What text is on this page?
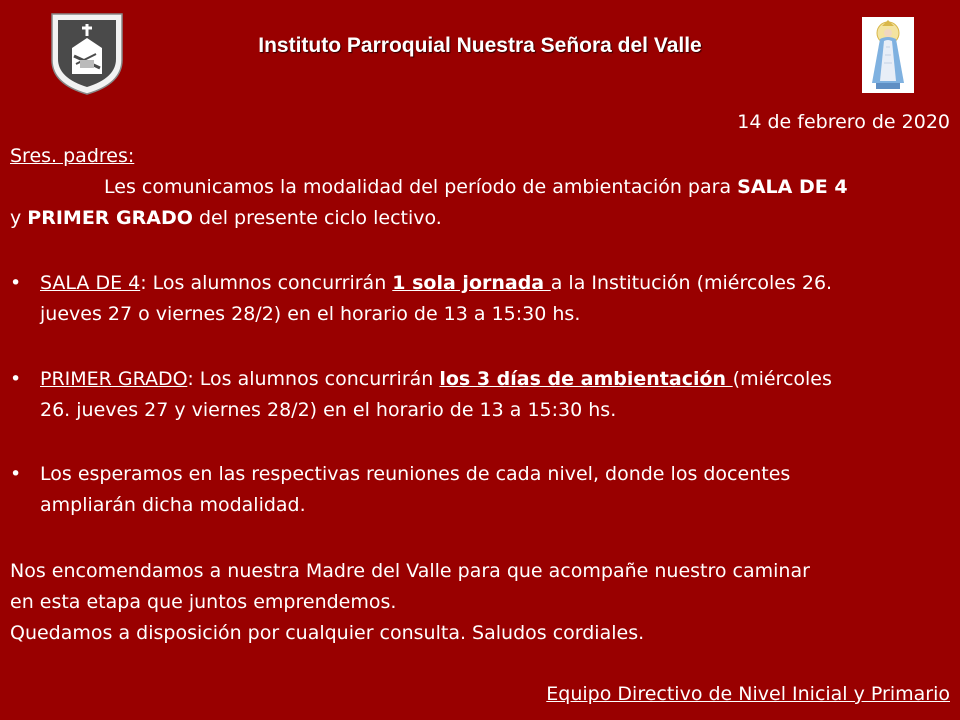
Instituto Parroquial Nuestra Señora del Valle

14 de febrero de 2020

Sres. padres:

Les comunicamos la modalidad del período de ambientación para SALA DE 4

y PRIMER GRADO del presente ciclo lectivo.

• SALA DE 4: Los alumnos concurrirán 1 sola jornada a la Institución (miércoles 26.
jueves 27 o viernes 28/2) en el horario de 13 a 15:30 hs.
• PRIMER GRADO: Los alumnos concurrirán los 3 días de ambientación (miércoles
26. jueves 27 y viernes 28/2) en el horario de 13 a 15:30 hs.
• Los esperamos en las respectivas reuniones de cada nivel, donde los docentes
ampliarán dicha modalidad.

Nos encomendamos a nuestra Madre del Valle para que acompañe nuestro caminar

en esta etapa que juntos emprendemos.

Quedamos a disposición por cualquier consulta. Saludos cordiales.

Equipo Directivo de Nivel Inicial y Primario
